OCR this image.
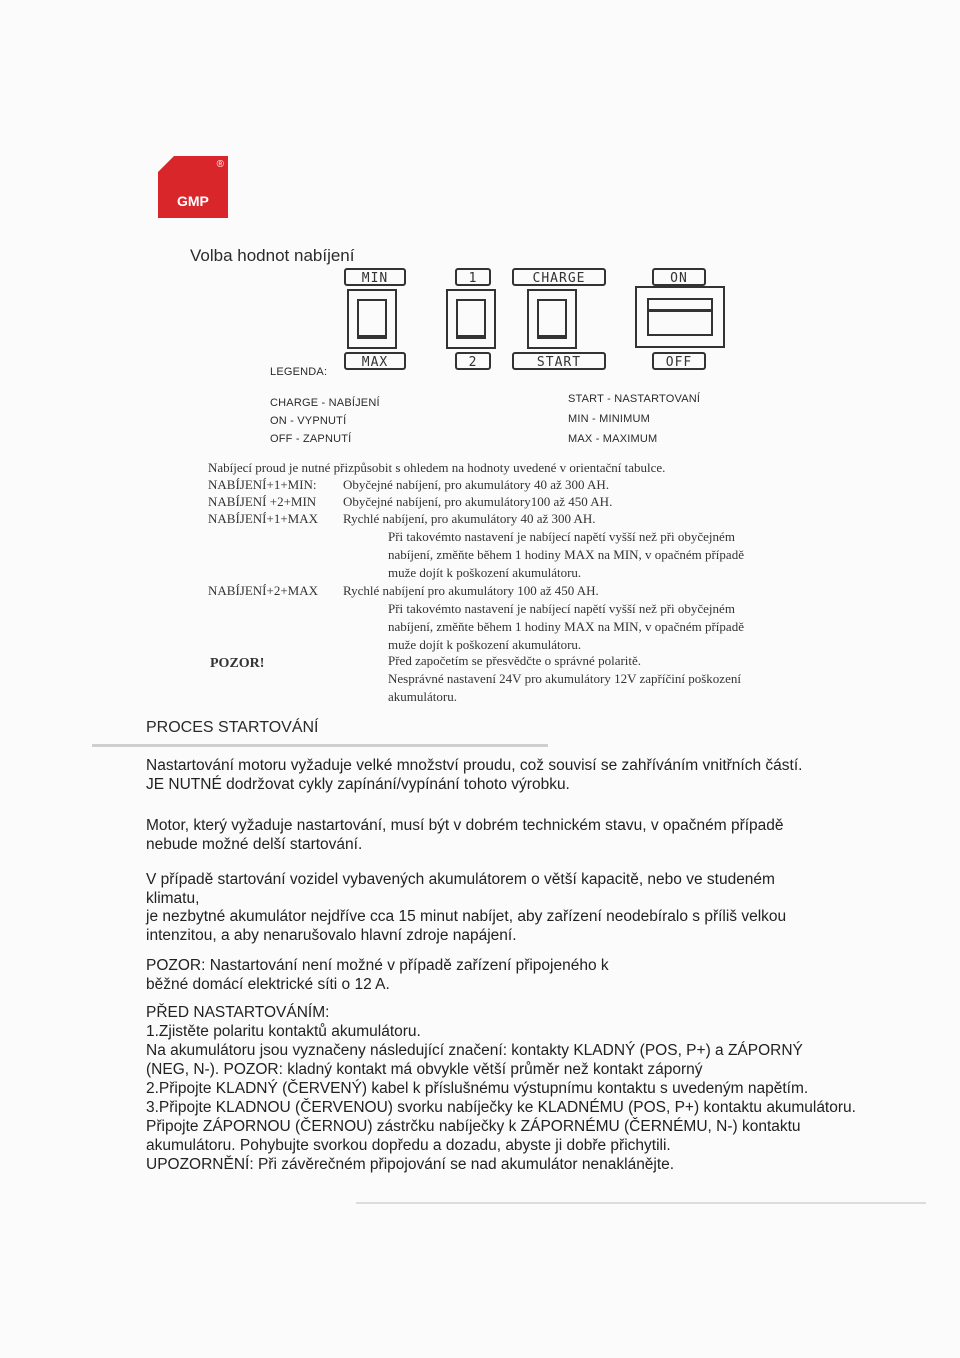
®
GMP
Volba hodnot nabíjení
MIN	1	CHARGE	ON
MAX	2	START	OFF
LEGENDA:
CHARGE - NABÍJENÍ
ON - VYPNUTÍ
OFF - ZAPNUTÍ
START - NASTARTOVANÍ
MIN - MINIMUM
MAX - MAXIMUM
Nabíjecí proud je nutné přizpůsobit s ohledem na hodnoty uvedené v orientační tabulce.
NABÍJENÍ+1+MIN: Obyčejné nabíjení, pro akumulátory 40 až 300 AH.
NABÍJENÍ +2+MIN Obyčejné nabíjení, pro akumulátory100 až 450 AH.
NABÍJENÍ+1+MAX Rychlé nabíjení, pro akumulátory 40 až 300 AH.
Při takovémto nastavení je nabíjecí napětí vyšší než při obyčejném
nabíjení, změňte během 1 hodiny MAX na MIN, v opačném případě
muže dojít k poškození akumulátoru.
NABÍJENÍ+2+MAX Rychlé nabíjení pro akumulátory 100 až 450 AH.
Při takovémto nastavení je nabíjecí napětí vyšší než při obyčejném
nabíjení, změňte během 1 hodiny MAX na MIN, v opačném případě
muže dojít k poškození akumulátoru.
POZOR!	Před započetím se přesvědčte o správné polaritě.
Nesprávné nastavení 24V pro akumulátory 12V zapříčiní poškození
akumulátoru.
PROCES STARTOVÁNÍ
Nastartování motoru vyžaduje velké množství proudu, což souvisí se zahříváním vnitřních částí.
JE NUTNÉ dodržovat cykly zapínání/vypínání tohoto výrobku.
Motor, který vyžaduje nastartování, musí být v dobrém technickém stavu, v opačném případě
nebude možné delší startování.
V případě startování vozidel vybavených akumulátorem o větší kapacitě, nebo ve studeném
klimatu,
je nezbytné akumulátor nejdříve cca 15 minut nabíjet, aby zařízení neodebíralo s příliš velkou
intenzitou, a aby nenarušovalo hlavní zdroje napájení.
POZOR: Nastartování není možné v případě zařízení připojeného k
běžné domácí elektrické síti o 12 A.
PŘED NASTARTOVÁNÍM:
1.Zjistěte polaritu kontaktů akumulátoru.
Na akumulátoru jsou vyznačeny následující značení: kontakty KLADNÝ (POS, P+) a ZÁPORNÝ
(NEG, N-). POZOR: kladný kontakt má obvykle větší průměr než kontakt záporný
2.Připojte KLADNÝ (ČERVENÝ) kabel k příslušnému výstupnímu kontaktu s uvedeným napětím.
3.Připojte KLADNOU (ČERVENOU) svorku nabíječky ke KLADNÉMU (POS, P+) kontaktu akumulátoru.
Připojte ZÁPORNOU (ČERNOU) zástrčku nabíječky k ZÁPORNÉMU (ČERNÉMU, N-) kontaktu
akumulátoru. Pohybujte svorkou dopředu a dozadu, abyste ji dobře přichytili.
UPOZORNĚNÍ: Při závěrečném připojování se nad akumulátor nenaklánějte.
